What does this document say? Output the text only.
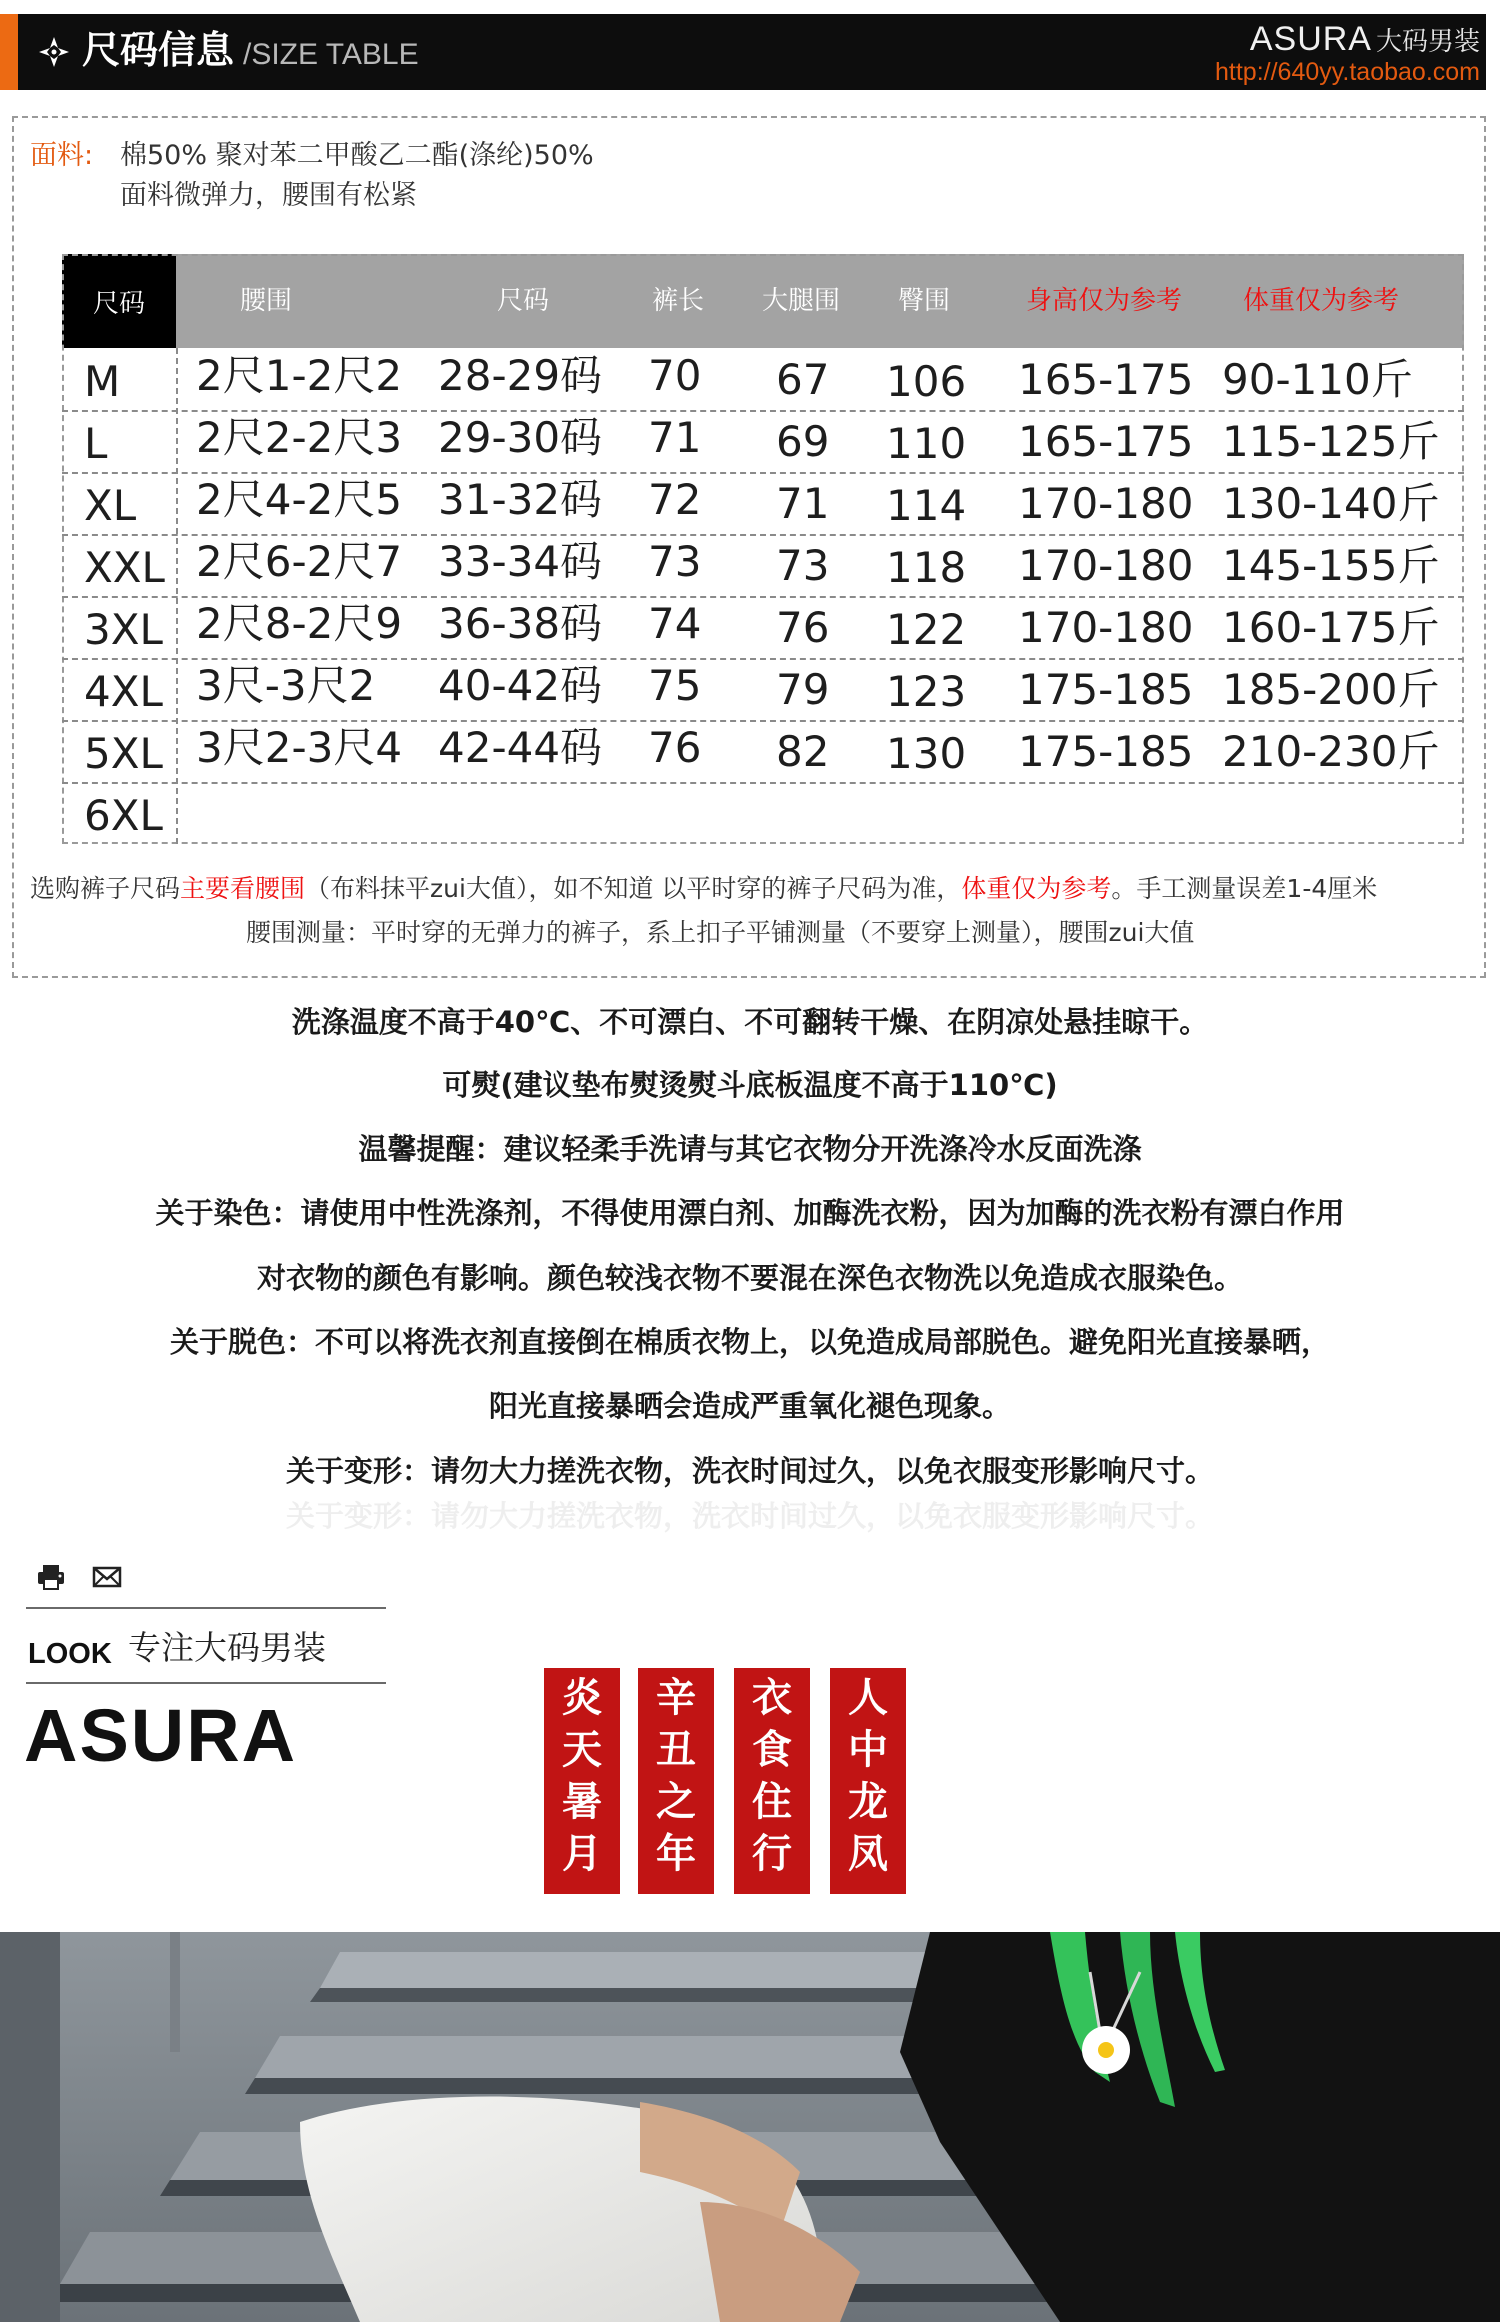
尺码信息 /SIZE TABLE	ASURA 大码男装
http://640yy.taobao.com
面料: 棉50% 聚对苯二甲酸乙二酯(涤纶)50%
面料微弹力，腰围有松紧
尺码	腰围	尺码	裤长 大腿围 臀围	身高仅为参考 体重仅为参考
M 2尺1-2尺2 28-29码 70 67 106 165-175 90-110斤
L 2尺2-2尺3 29-30码 71 69 110 165-175 115-125斤
XL 2尺4-2尺5 31-32码 72 71 114 170-180 130-140斤
XXL 2尺6-2尺7 33-34码 73 73 118 170-180 145-155斤
3XL 2尺8-2尺9 36-38码 74 76 122 170-180 160-175斤
4XL 3尺-3尺2 40-42码 75 79 123 175-185 185-200斤
5XL 3尺2-3尺4 42-44码 76 82 130 175-185 210-230斤
6XL
选购裤子尺码主要看腰围（布料抹平zui大值），如不知道 以平时穿的裤子尺码为准，体重仅为参考。手工测量误差1-4厘米
腰围测量：平时穿的无弹力的裤子，系上扣子平铺测量（不要穿上测量），腰围zui大值
洗涤温度不高于40℃、不可漂白、不可翻转干燥、在阴凉处悬挂晾干。
可熨(建议垫布熨烫熨斗底板温度不高于110℃)
温馨提醒：建议轻柔手洗请与其它衣物分开洗涤冷水反面洗涤
关于染色：请使用中性洗涤剂，不得使用漂白剂、加酶洗衣粉，因为加酶的洗衣粉有漂白作用
对衣物的颜色有影响。颜色较浅衣物不要混在深色衣物洗以免造成衣服染色。
关于脱色：不可以将洗衣剂直接倒在棉质衣物上，以免造成局部脱色。避免阳光直接暴晒，
阳光直接暴晒会造成严重氧化褪色现象。
关于变形：请勿大力搓洗衣物，洗衣时间过久，以免衣服变形影响尺寸。
关于变形：请勿大力搓洗衣物，洗衣时间过久，以免衣服变形影响尺寸。
LOOK 专注大码男装
ASURA	炎
天
暑
月
辛
丑
之
年
衣
食
住
行
人
中
龙
凤
